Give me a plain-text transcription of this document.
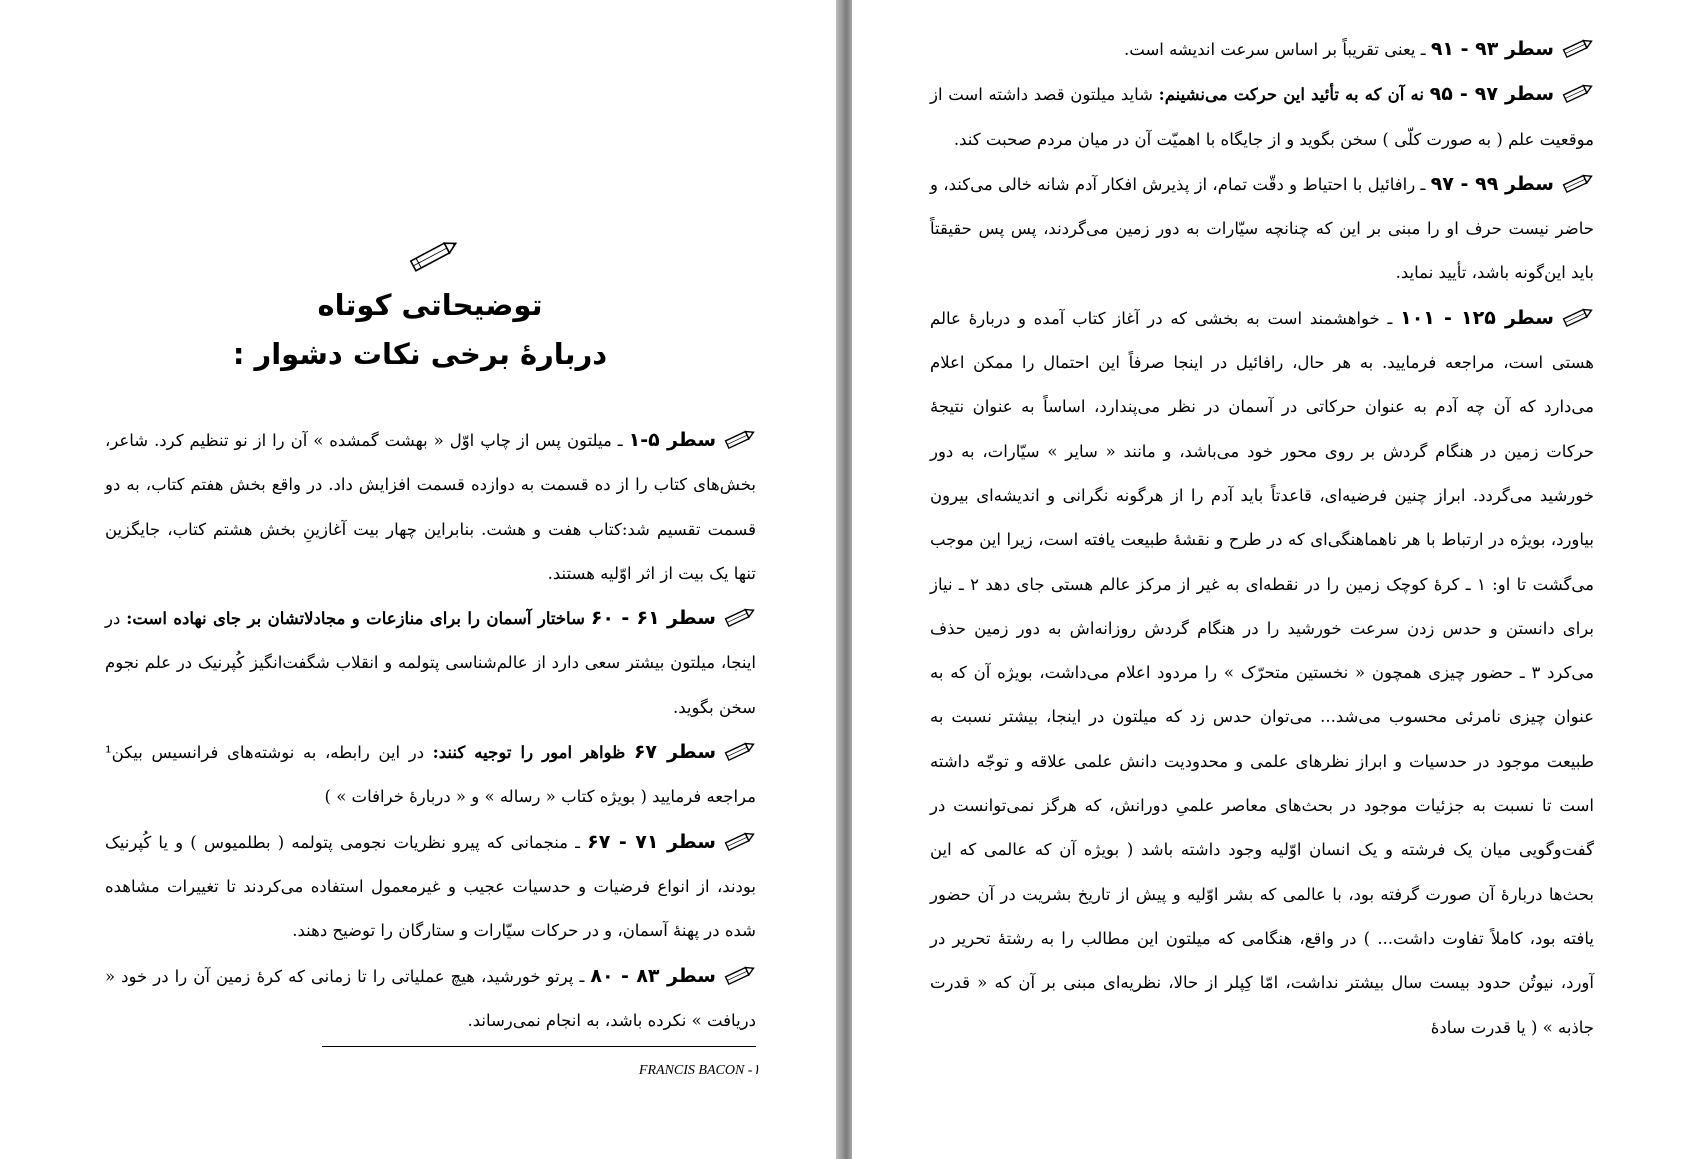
توضیحاتی کوتاه
دربارۀ برخی نکات دشوار :

سطر ۵-۱ ـ میلتون پس از چاپ اوّل « بهشت گمشده » آن را از نو تنظیم کرد. شاعر، بخش‌های کتاب را از ده قسمت به دوازده قسمت افزایش داد. در واقع بخش هفتم کتاب، به دو قسمت تقسیم شد:کتاب هفت و هشت. بنابراین چهار بیت آغازینِ بخش هشتم کتاب، جایگزین تنها یک بیت از اثر اوّلیه هستند.

سطر ۶۱ - ۶۰ ساختار آسمان را برای منازعات و مجادلاتشان بر جای نهاده است: در اینجا، میلتون بیشتر سعی دارد از عالم‌شناسی پتولمه و انقلاب شگفت‌انگیز کُپرنیک در علم نجوم سخن بگوید.

سطر ۶۷ ظواهر امور را توجیه کنند: در این رابطه، به نوشته‌های فرانسیس بیکن¹ مراجعه فرمایید ( بویژه کتاب « رساله » و « دربارۀ خرافات » )

سطر ۷۱ - ۶۷ ـ منجمانی که پیرو نظریات نجومی پتولمه ( بطلمیوس ) و یا کُپرنیک بودند، از انواع فرضیات و حدسیات عجیب و غیرمعمول استفاده می‌کردند تا تغییرات مشاهده شده در پهنۀ آسمان، و در حرکات سیّارات و ستارگان را توضیح دهند.

سطر ۸۳ - ۸۰ ـ پرتو خورشید، هیچ عملیاتی را تا زمانی که کرۀ زمین آن را در خود « دریافت » نکرده باشد، به انجام نمی‌رساند.

FRANCIS BACON -۱

سطر ۹۳ - ۹۱ ـ یعنی تقریباً بر اساس سرعت اندیشه است.

سطر ۹۷ - ۹۵ نه آن که به تأئید این حرکت می‌نشینم: شاید میلتون قصد داشته است از موقعیت علم ( به صورت کلّی ) سخن بگوید و از جایگاه با اهمیّت آن در میان مردم صحبت کند.

سطر ۹۹ - ۹۷ ـ رافائیل با احتیاط و دقّت تمام، از پذیرش افکار آدم شانه خالی می‌کند، و حاضر نیست حرف او را مبنی بر این که چنانچه سیّارات به دور زمین می‌گردند، پس پس حقیقتاً باید این‌گونه باشد، تأیید نماید.

سطر ۱۲۵ - ۱۰۱ ـ خواهشمند است به بخشی که در آغاز کتاب آمده و دربارۀ عالم هستی است، مراجعه فرمایید. به هر حال، رافائیل در اینجا صرفاً این احتمال را ممکن اعلام می‌دارد که آن چه آدم به عنوان حرکاتی در آسمان در نظر می‌پندارد، اساساً به عنوان نتیجۀ حرکات زمین در هنگام گردش بر روی محور خود می‌باشد، و مانند « سایر » سیّارات، به دور خورشید می‌گردد. ابراز چنین فرضیه‌ای، قاعدتاً باید آدم را از هرگونه نگرانی و اندیشه‌ای بیرون بیاورد، بویژه در ارتباط با هر ناهماهنگی‌ای که در طرح و نقشۀ طبیعت یافته است، زیرا این موجب می‌گشت تا او: ۱ ـ کرۀ کوچک زمین را در نقطه‌ای به غیر از مرکز عالم هستی جای دهد ۲ ـ نیاز برای دانستن و حدس زدن سرعت خورشید را در هنگام گردش روزانه‌اش به دور زمین حذف می‌کرد ۳ ـ حضور چیزی همچون « نخستین متحرّک » را مردود اعلام می‌داشت، بویژه آن که به عنوان چیزی نامرئی محسوب می‌شد... می‌توان حدس زد که میلتون در اینجا، بیشتر نسبت به طبیعت موجود در حدسیات و ابراز نظرهای علمی و محدودیت دانش علمی علاقه و توجّه داشته است تا نسبت به جزئیات موجود در بحث‌های معاصر علمیِ دورانش، که هرگز نمی‌توانست در گفت‌وگویی میان یک فرشته و یک انسان اوّلیه وجود داشته باشد ( بویژه آن که عالمی که این بحث‌ها دربارۀ آن صورت گرفته بود، با عالمی که بشر اوّلیه و پیش از تاریخ بشریت در آن حضور یافته بود، کاملاً تفاوت داشت... ) در واقع، هنگامی که میلتون این مطالب را به رشتۀ تحریر در آورد، نیوتُن حدود بیست سال بیشتر نداشت، امّا کِپلر از حالا، نظریه‌ای مبنی بر آن که « قدرت جاذبه » ( یا قدرت سادۀ
